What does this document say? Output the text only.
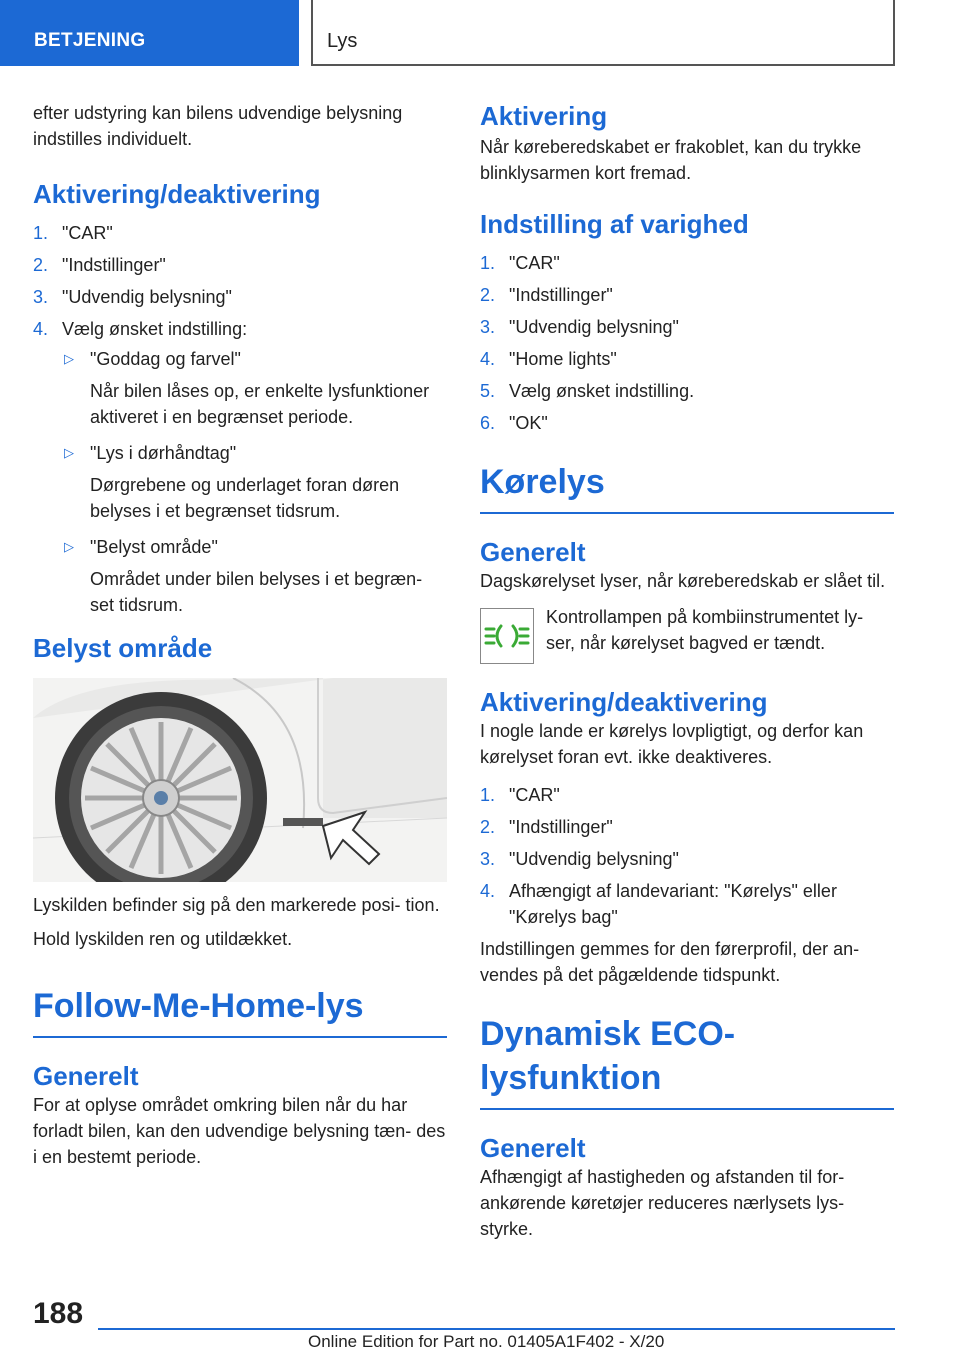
BETJENING	Lys

efter udstyring kan bilens udvendige belysning indstilles individuelt.

Aktivering/deaktivering
1. "CAR"
2. "Indstillinger"
3. "Udvendig belysning"
4. Vælg ønsket indstilling:
▷ "Goddag og farvel"
Når bilen låses op, er enkelte lysfunktioner aktiveret i en begrænset periode.
▷ "Lys i dørhåndtag"
Dørgrebene og underlaget foran døren belyses i et begrænset tidsrum.
▷ "Belyst område"
Området under bilen belyses i et begræn‐ set tidsrum.
Belyst område

Lyskilden befinder sig på den markerede posi‐ tion.

Hold lyskilden ren og utildækket.

Follow-Me-Home-lys
Generelt

For at oplyse området omkring bilen når du har forladt bilen, kan den udvendige belysning tæn‐ des i en bestemt periode.

Aktivering

Når køreberedskabet er frakoblet, kan du trykke blinklysarmen kort fremad.

Indstilling af varighed
1. "CAR"
2. "Indstillinger"
3. "Udvendig belysning"
4. "Home lights"
5. Vælg ønsket indstilling.
6. "OK"
Kørelys
Generelt

Dagskørelyset lyser, når køreberedskab er slået til.

Kontrollampen på kombiinstrumentet ly‐ ser, når kørelyset bagved er tændt.

Aktivering/deaktivering

I nogle lande er kørelys lovpligtigt, og derfor kan kørelyset foran evt. ikke deaktiveres.

1. "CAR"
2. "Indstillinger"
3. "Udvendig belysning"
4. Afhængigt af landevariant: "Kørelys" eller "Kørelys bag"

Indstillingen gemmes for den førerprofil, der an‐ vendes på det pågældende tidspunkt.

Dynamisk ECO-lysfunktion
Generelt

Afhængigt af hastigheden og afstanden til for‐ ankørende køretøjer reduceres nærlysets lys‐ styrke.

188
Online Edition for Part no. 01405A1F402 - X/20
